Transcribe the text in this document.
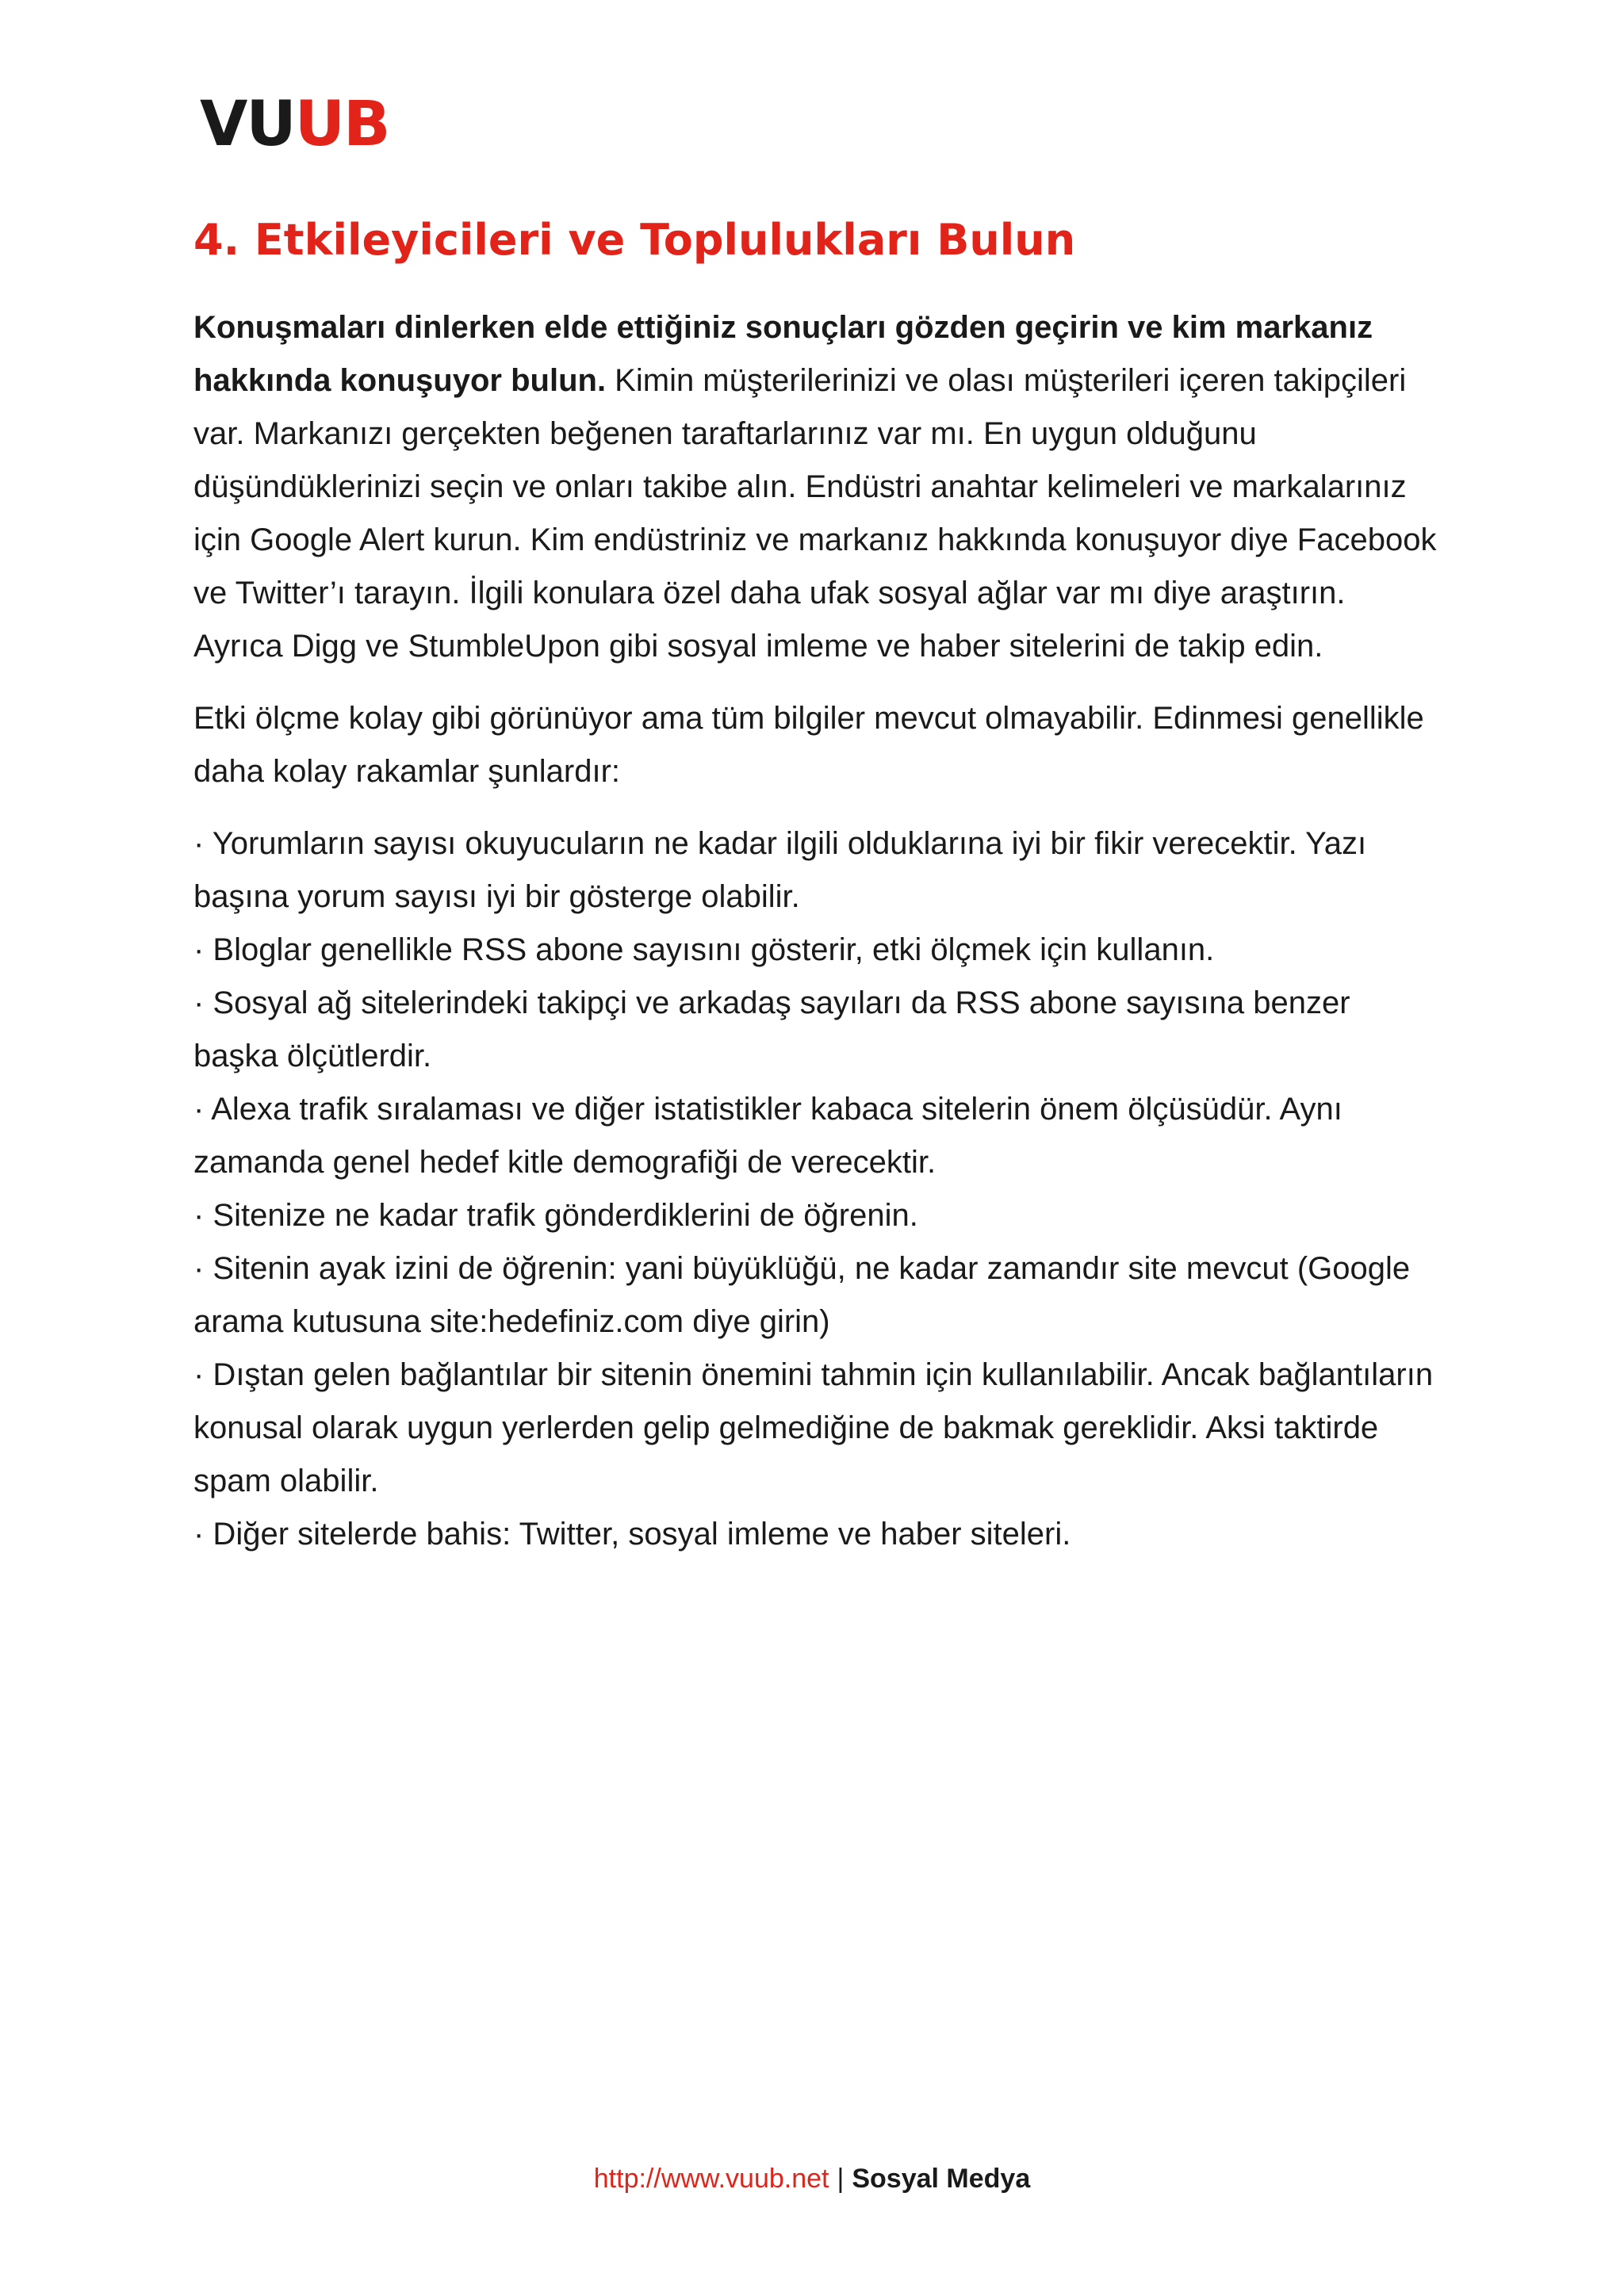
VUUB
4. Etkileyicileri ve Toplulukları Bulun

Konuşmaları dinlerken elde ettiğiniz sonuçları gözden geçirin ve kim markanız hakkında konuşuyor bulun. Kimin müşterilerinizi ve olası müşterileri içeren takipçileri var. Markanızı gerçekten beğenen taraftarlarınız var mı. En uygun olduğunu düşündüklerinizi seçin ve onları takibe alın. Endüstri anahtar kelimeleri ve markalarınız için Google Alert kurun. Kim endüstriniz ve markanız hakkında konuşuyor diye Facebook ve Twitter’ı tarayın. İlgili konulara özel daha ufak sosyal ağlar var mı diye araştırın. Ayrıca Digg ve StumbleUpon gibi sosyal imleme ve haber sitelerini de takip edin.

Etki ölçme kolay gibi görünüyor ama tüm bilgiler mevcut olmayabilir. Edinmesi genellikle daha kolay rakamlar şunlardır:

· Yorumların sayısı okuyucuların ne kadar ilgili olduklarına iyi bir fikir verecektir. Yazı başına yorum sayısı iyi bir gösterge olabilir.

· Bloglar genellikle RSS abone sayısını gösterir, etki ölçmek için kullanın.

· Sosyal ağ sitelerindeki takipçi ve arkadaş sayıları da RSS abone sayısına benzer başka ölçütlerdir.

· Alexa trafik sıralaması ve diğer istatistikler kabaca sitelerin önem ölçüsüdür. Aynı zamanda genel hedef kitle demografiği de verecektir.

· Sitenize ne kadar trafik gönderdiklerini de öğrenin.

· Sitenin ayak izini de öğrenin: yani büyüklüğü, ne kadar zamandır site mevcut (Google arama kutusuna site:hedefiniz.com diye girin)

· Dıştan gelen bağlantılar bir sitenin önemini tahmin için kullanılabilir. Ancak bağlantıların konusal olarak uygun yerlerden gelip gelmediğine de bakmak gereklidir. Aksi taktirde spam olabilir.

· Diğer sitelerde bahis: Twitter, sosyal imleme ve haber siteleri.

http://www.vuub.net | Sosyal Medya
